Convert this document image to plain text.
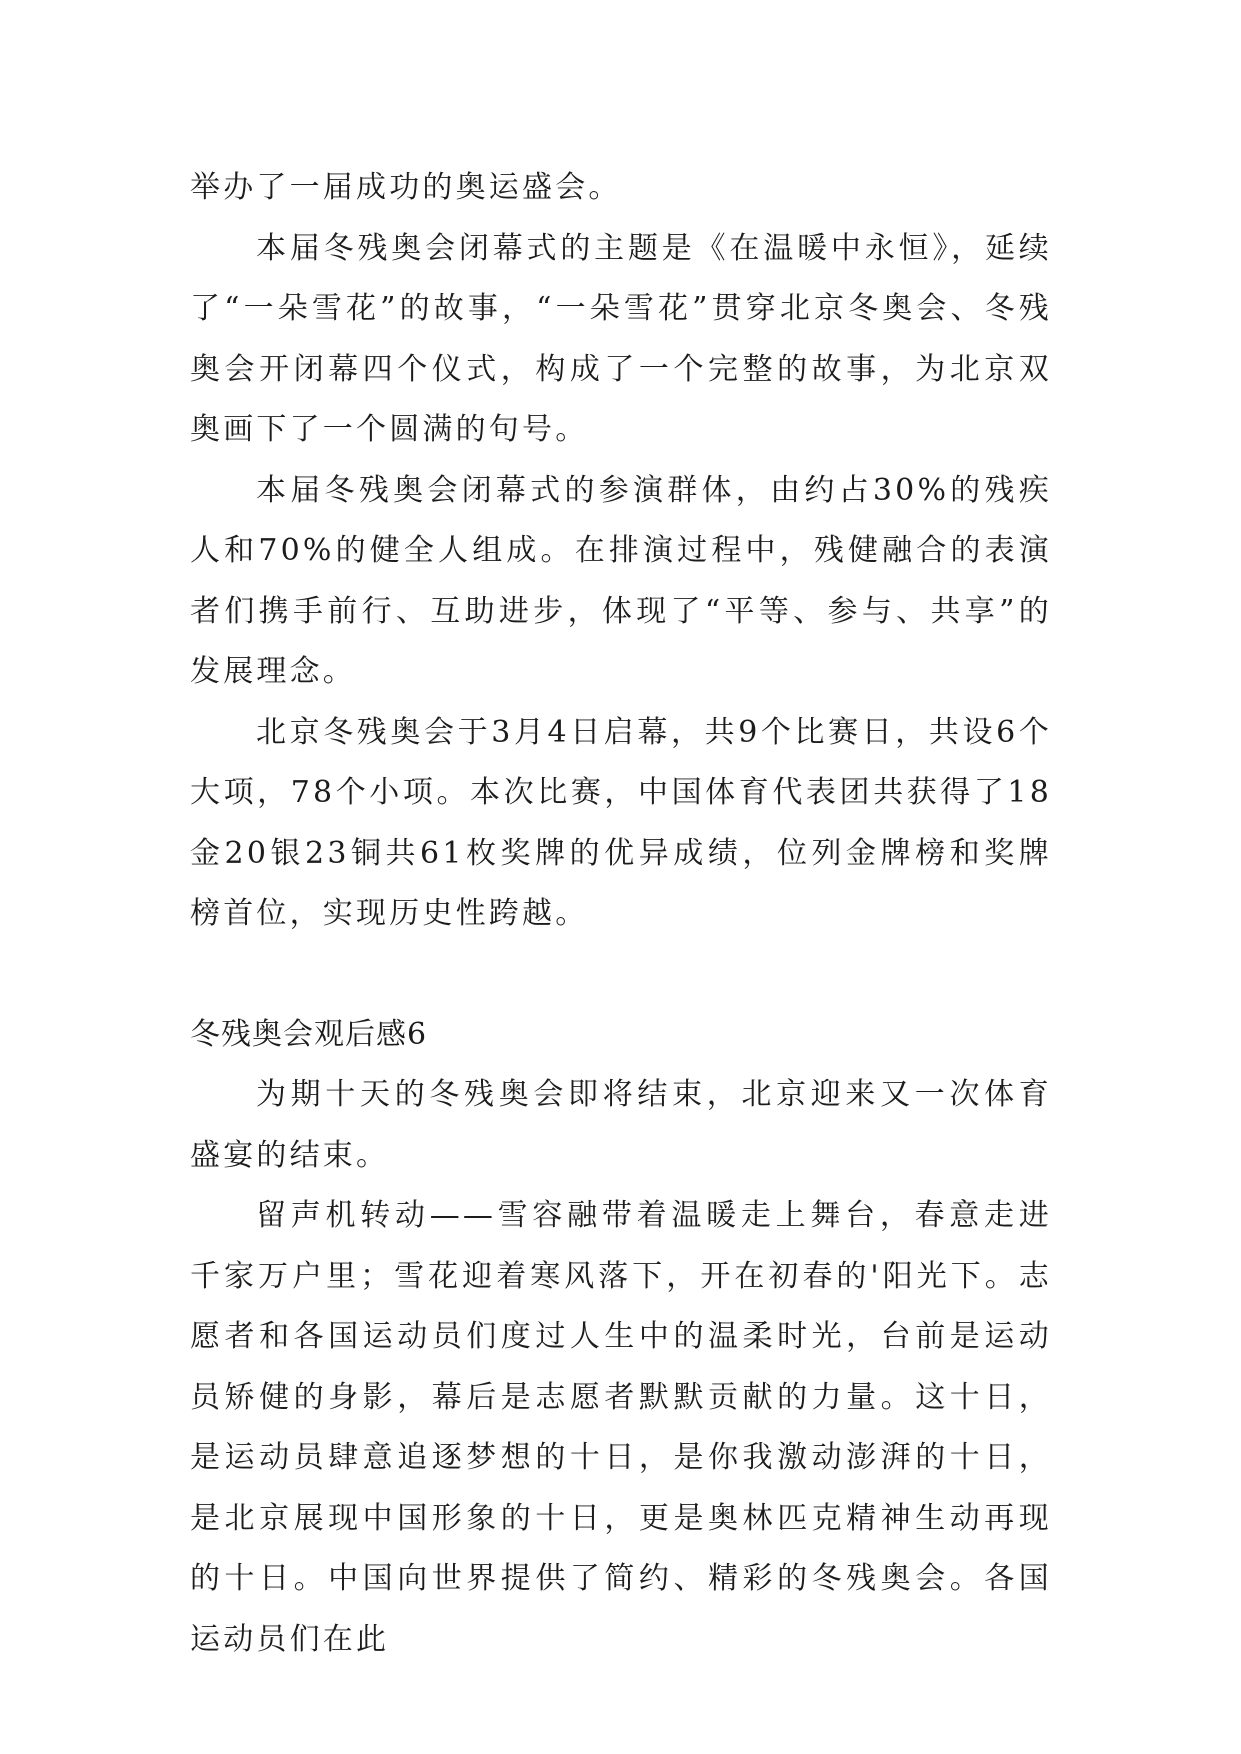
举办了一届成功的奥运盛会。

本届冬残奥会闭幕式的主题是《在温暖中永恒》，延续了“一朵雪花”的故事，“一朵雪花”贯穿北京冬奥会、冬残奥会开闭幕四个仪式，构成了一个完整的故事，为北京双奥画下了一个圆满的句号。

本届冬残奥会闭幕式的参演群体，由约占30%的残疾人和70%的健全人组成。在排演过程中，残健融合的表演者们携手前行、互助进步，体现了“平等、参与、共享”的发展理念。

北京冬残奥会于3月4日启幕，共9个比赛日，共设6个大项，78个小项。本次比赛，中国体育代表团共获得了18金20银23铜共61枚奖牌的优异成绩，位列金牌榜和奖牌榜首位，实现历史性跨越。

冬残奥会观后感6

为期十天的冬残奥会即将结束，北京迎来又一次体育盛宴的结束。

留声机转动——雪容融带着温暖走上舞台，春意走进千家万户里；雪花迎着寒风落下，开在初春的'阳光下。志愿者和各国运动员们度过人生中的温柔时光，台前是运动员矫健的身影，幕后是志愿者默默贡献的力量。这十日，是运动员肆意追逐梦想的十日，是你我激动澎湃的十日，是北京展现中国形象的十日，更是奥林匹克精神生动再现的十日。中国向世界提供了简约、精彩的冬残奥会。各国运动员们在此
